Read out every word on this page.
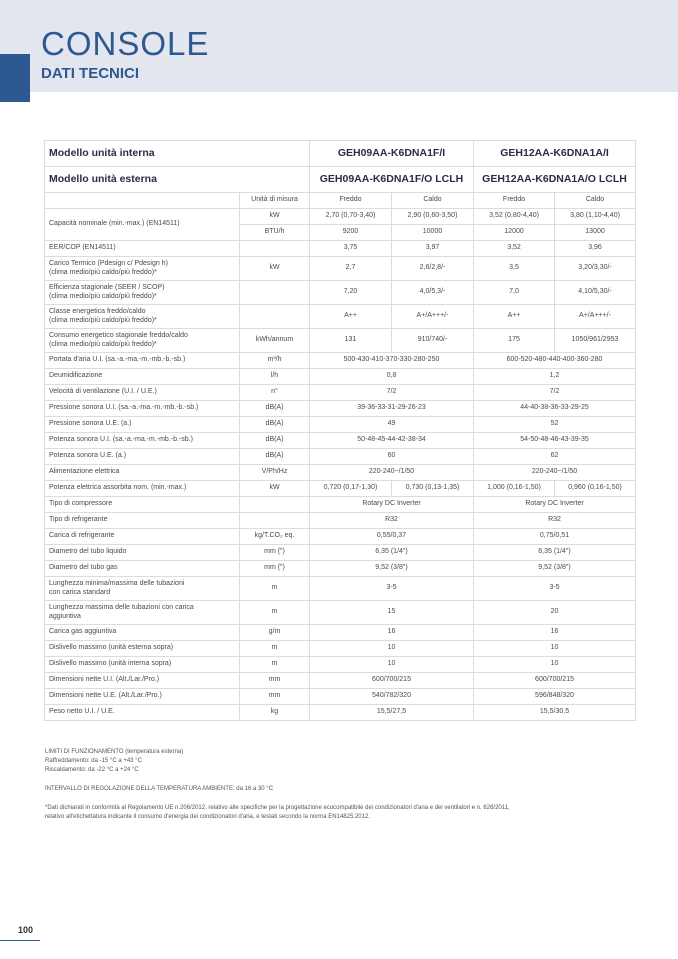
CONSOLE
DATI TECNICI
Modello unità interna		GEH09AA-K6DNA1F/I		GEH12AA-K6DNA1A/I	
Modello unità esterna		GEH09AA-K6DNA1F/O LCLH		GEH12AA-K6DNA1A/O LCLH	
	Unità di misura	Freddo	Caldo	Freddo	Caldo
Capacità nominale (min.-max.) (EN14511)	kW	2,70 (0,70-3,40)	2,90 (0,60-3,50)	3,52 (0,80-4,40)	3,80 (1,10-4,40)
	BTU/h	9200	10000	12000	13000
EER/COP (EN14511)		3,75	3,97	3,52	3,96
Carico Termico (Pdesign c/ Pdesign h)
(clima medio/più caldo/più freddo)*	kW	2,7	2,6/2,8/-	3,5	3,20/3,30/-
Efficienza stagionale (SEER / SCOP)
(clima medio/più caldo/più freddo)*		7,20	4,0/5,3/-	7,0	4,10/5,30/-
Classe energetica freddo/caldo
(clima medio/più caldo/più freddo)*		A++	A+/A+++/-	A++	A+/A+++/-
Consumo energetico stagionale freddo/caldo
(clima medio/più caldo/più freddo)*	kWh/annum	131	910/740/-	175	1050/961/2953
Portata d'aria U.I. (sa.-a.-ma.-m.-mb.-b.-sb.)	m³/h	500-430-410-370-330-280-250		600-520-480-440-400-360-280	
Deumidificazione	l/h	0,8		1,2	
Velocità di ventilazione (U.I. / U.E.)	n°	7/2		7/2	
Pressione sonora U.I. (sa.-a.-ma.-m.-mb.-b.-sb.)	dB(A)	39-36-33-31-29-26-23		44-40-38-36-33-29-25	
Pressione sonora U.E. (a.)	dB(A)	49		52	
Potenza sonora U.I. (sa.-a.-ma.-m.-mb.-b.-sb.)	dB(A)	50-48-45-44-42-38-34		54-50-48-46-43-39-35	
Potenza sonora U.E. (a.)	dB(A)	60		62	
Alimentazione elettrica	V/Ph/Hz	220-240~/1/50		220-240~/1/50	
Potenza elettrica assorbita nom. (min.-max.)	kW	0,720 (0,17-1,30)	0,730 (0,13-1,35)	1,000 (0,16-1,50)	0,960 (0,16-1,50)
Tipo di compressore		Rotary DC Inverter		Rotary DC Inverter	
Tipo di refrigerante		R32		R32	
Carica di refrigerante	kg/T.CO₂ eq.	0,55/0,37		0,75/0,51	
Diametro del tubo liquido	mm (")	6,35 (1/4")		6,35 (1/4")	
Diametro del tubo gas	mm (")	9,52 (3/8")		9,52 (3/8")	
Lunghezza minima/massima delle tubazioni
con carica standard	m	3-5		3-5	
Lunghezza massima delle tubazioni con carica
aggiuntiva	m	15		20	
Carica gas aggiuntiva	g/m	16		16	
Dislivello massimo (unità esterna sopra)	m	10		10	
Dislivello massimo (unità interna sopra)	m	10		10	
Dimensioni nette U.I. (Alt./Lar./Pro.)	mm	600/700/215		600/700/215	
Dimensioni nette U.E. (Alt./Lar./Pro.)	mm	540/782/320		596/848/320	
Peso netto U.I. / U.E.	kg	15,5/27,5		15,5/30,5	
LIMITI DI FUNZIONAMENTO (temperatura esterna)
Raffreddamento: da -15 °C a +43 °C
Riscaldamento: da -22 °C a +24 °C
INTERVALLO DI REGOLAZIONE DELLA TEMPERATURA AMBIENTE: da 16 a 30 °C
*Dati dichiarati in conformità al Regolamento UE n.206/2012, relativo alle specifiche per la progettazione ecocompatibile dei condizionatori d'aria e dei ventilatori e n. 626/2011,
relativo all'etichettatura indicante il consumo d'energia dei condizionatori d'aria, e testati secondo la norma EN14825:2012.
100
